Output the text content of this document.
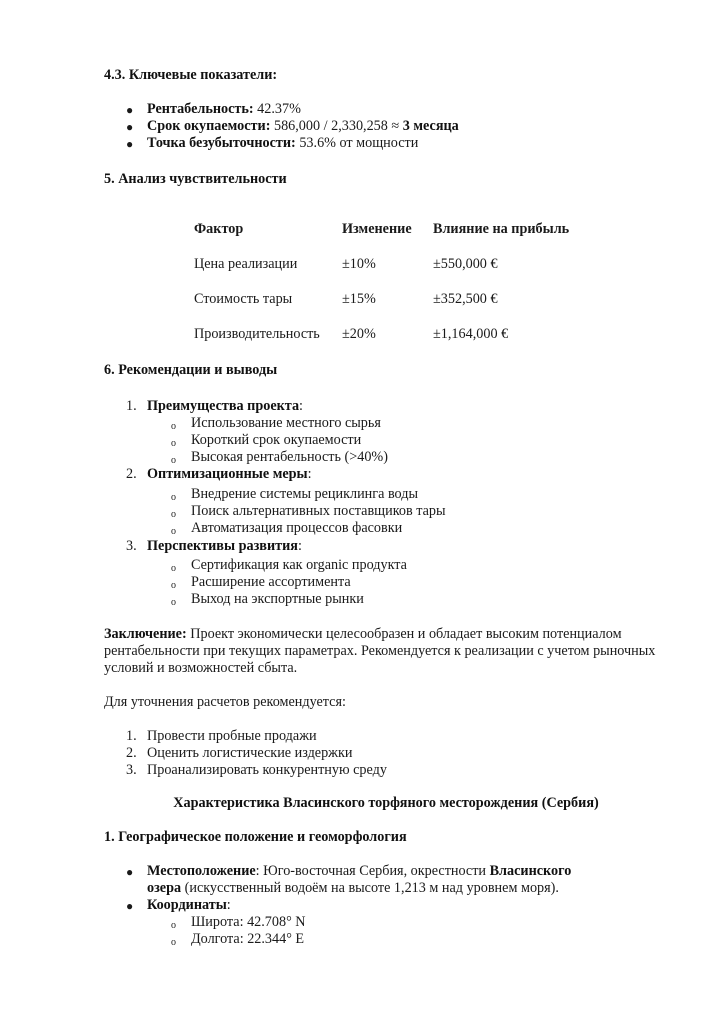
4.3. Ключевые показатели:
● Рентабельность: 42.37%
● Срок окупаемости: 586,000 / 2,330,258 ≈ 3 месяца
● Точка безубыточности: 53.6% от мощности
5. Анализ чувствительности
Фактор	Изменение	Влияние на прибыль
Цена реализации	±10%	±550,000 €
Стоимость тары	±15%	±352,500 €
Производительность	±20%	±1,164,000 €
6. Рекомендации и выводы
1. Преимущества проекта:
o Использование местного сырья
o Короткий срок окупаемости
o Высокая рентабельность (>40%)
2. Оптимизационные меры:
o Внедрение системы рециклинга воды
o Поиск альтернативных поставщиков тары
o Автоматизация процессов фасовки
3. Перспективы развития:
o Сертификация как organic продукта
o Расширение ассортимента
o Выход на экспортные рынки
Заключение: Проект экономически целесообразен и обладает высоким потенциалом
рентабельности при текущих параметрах. Рекомендуется к реализации с учетом рыночных
условий и возможностей сбыта.
Для уточнения расчетов рекомендуется:
1. Провести пробные продажи
2. Оценить логистические издержки
3. Проанализировать конкурентную среду
Характеристика Власинского торфяного месторождения (Сербия)
1. Географическое положение и геоморфология
● Местоположение: Юго-восточная Сербия, окрестности Власинского
озера (искусственный водоём на высоте 1,213 м над уровнем моря).
● Координаты:
o Широта: 42.708° N
o Долгота: 22.344° E
